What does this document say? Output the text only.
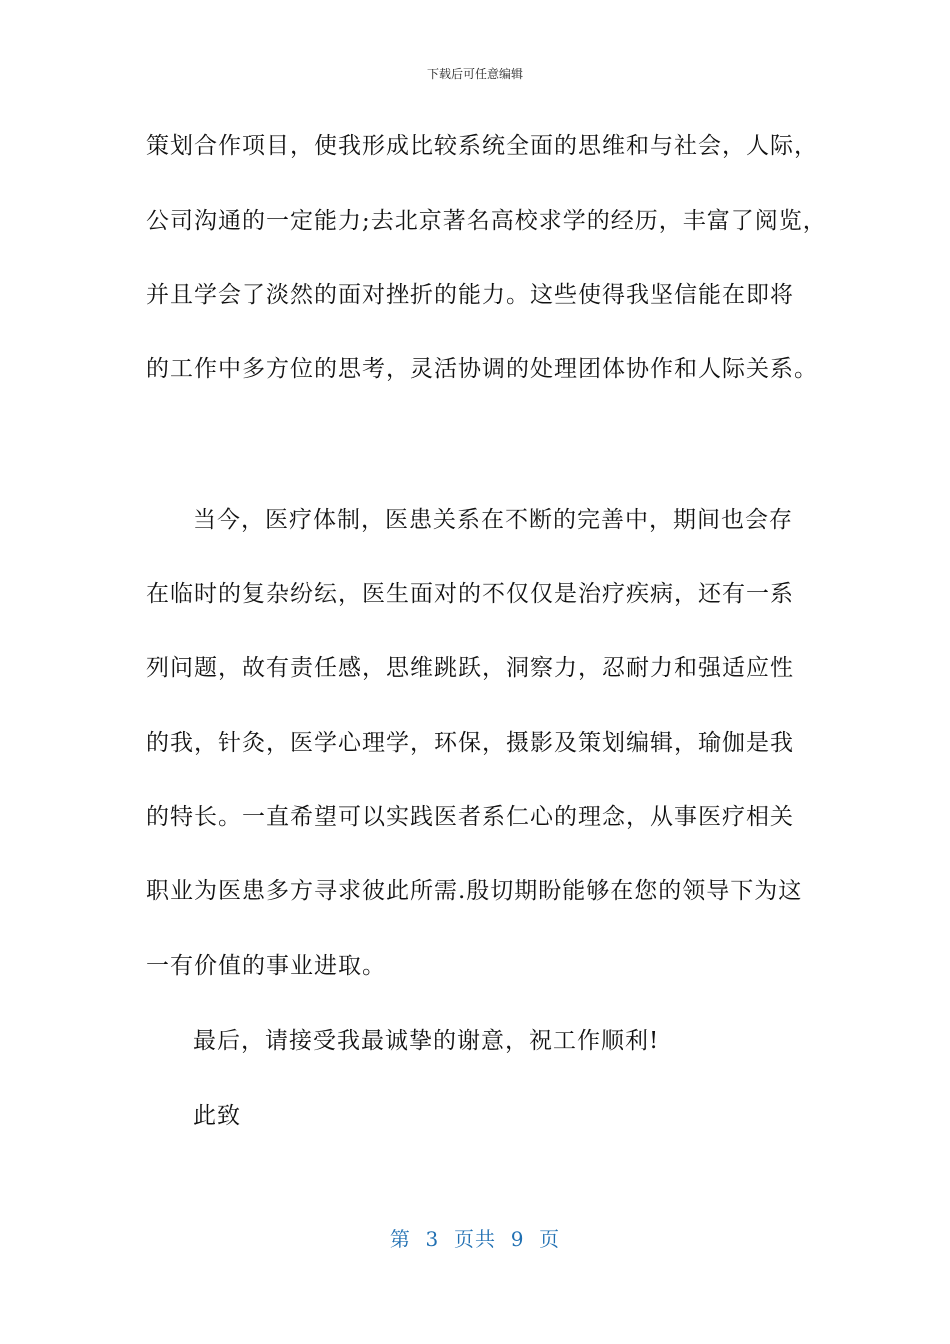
下载后可任意编辑
策划合作项目，使我形成比较系统全面的思维和与社会，人际，
公司沟通的一定能力;去北京著名高校求学的经历，丰富了阅览，
并且学会了淡然的面对挫折的能力。这些使得我坚信能在即将
的工作中多方位的思考，灵活协调的处理团体协作和人际关系。
当今，医疗体制，医患关系在不断的完善中，期间也会存
在临时的复杂纷纭，医生面对的不仅仅是治疗疾病，还有一系
列问题，故有责任感，思维跳跃，洞察力，忍耐力和强适应性
的我，针灸，医学心理学，环保，摄影及策划编辑，瑜伽是我
的特长。一直希望可以实践医者系仁心的理念，从事医疗相关
职业为医患多方寻求彼此所需.殷切期盼能够在您的领导下为这
一有价值的事业进取。
最后，请接受我最诚挚的谢意，祝工作顺利!
此致
第  3  页共  9  页
